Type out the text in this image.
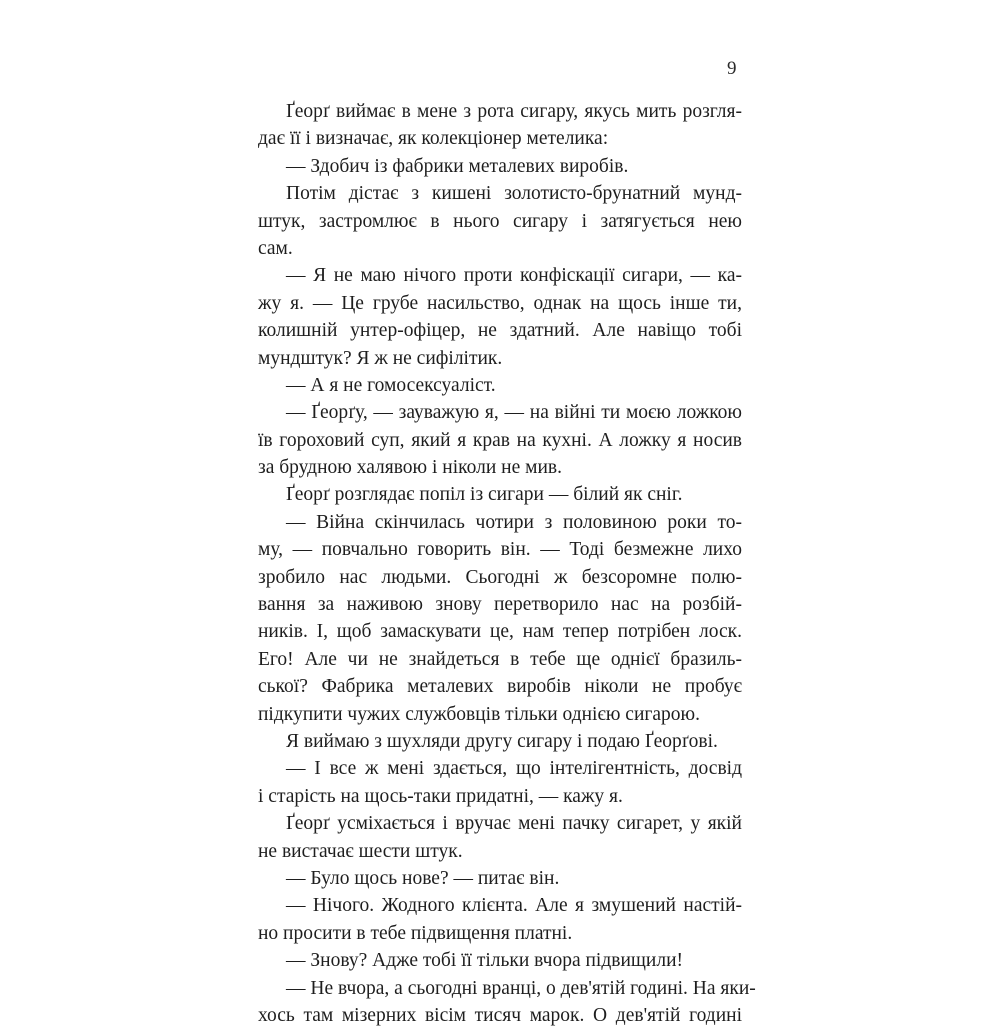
9
Ґеорґ виймає в мене з рота сигару, якусь мить розгля-
дає її і визначає, як колекціонер метелика:
— Здобич із фабрики металевих виробів.
Потім дістає з кишені золотисто-брунатний мунд-
штук, застромлює в нього сигару і затягується нею
сам.
— Я не маю нічого проти конфіскації сигари, — ка-
жу я. — Це грубе насильство, однак на щось інше ти,
колишній унтер-офіцер, не здатний. Але навіщо тобі
мундштук? Я ж не сифілітик.
— А я не гомосексуаліст.
— Ґеорґу, — зауважую я, — на війні ти моєю ложкою
їв гороховий суп, який я крав на кухні. А ложку я носив
за брудною халявою і ніколи не мив.
Ґеорґ розглядає попіл із сигари — білий як сніг.
— Війна скінчилась чотири з половиною роки то-
му, — повчально говорить він. — Тоді безмежне лихо
зробило нас людьми. Сьогодні ж безсоромне полю-
вання за наживою знову перетворило нас на розбій-
ників. І, щоб замаскувати це, нам тепер потрібен лоск.
Его! Але чи не знайдеться в тебе ще однієї бразиль-
ської? Фабрика металевих виробів ніколи не пробує
підкупити чужих службовців тільки однією сигарою.
Я виймаю з шухляди другу сигару і подаю Ґеорґові.
— І все ж мені здається, що інтелігентність, досвід
і старість на щось-таки придатні, — кажу я.
Ґеорґ усміхається і вручає мені пачку сигарет, у якій
не вистачає шести штук.
— Було щось нове? — питає він.
— Нічого. Жодного клієнта. Але я змушений настій-
но просити в тебе підвищення платні.
— Знову? Адже тобі її тільки вчора підвищили!
— Не вчора, а сьогодні вранці, о дев'ятій годині. На яки-
хось там мізерних вісім тисяч марок. О дев'ятій годині
